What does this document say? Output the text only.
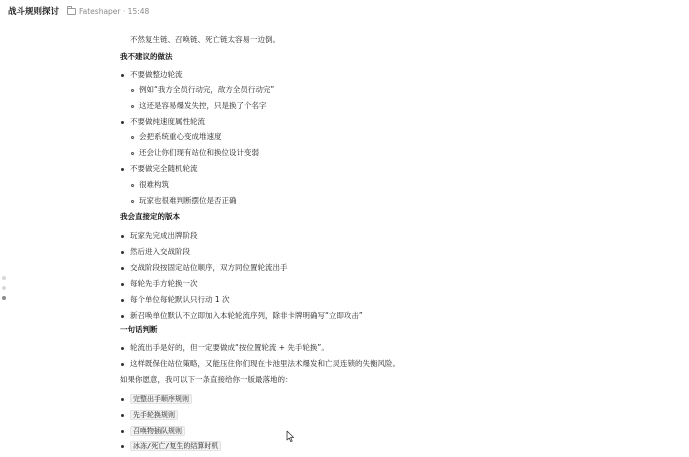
战斗规则探讨	Fateshaper · 15:48
不然复生链、召唤链、死亡链太容易一边倒。
我不建议的做法
不要做整边轮流
例如“我方全员行动完，敌方全员行动完”
这还是容易爆发失控，只是换了个名字
不要做纯速度属性轮流
会把系统重心变成堆速度
还会让你们现有站位和换位设计变弱
不要做完全随机轮流
很难构筑
玩家也很难判断摆位是否正确
我会直接定的版本
玩家先完成出牌阶段
然后进入交战阶段
交战阶段按固定站位顺序，双方同位置轮流出手
每轮先手方轮换一次
每个单位每轮默认只行动 1 次
新召唤单位默认不立即加入本轮轮流序列，除非卡牌明确写“立即攻击”
一句话判断
轮流出手是好的，但一定要做成“按位置轮流 + 先手轮换”。
这样既保住站位策略，又能压住你们现在卡池里法术爆发和亡灵连锁的失衡风险。
如果你愿意，我可以下一条直接给你一版最落地的：
完整出手顺序规则
先手轮换规则
召唤物插队规则
冰冻/死亡/复生的结算时机
